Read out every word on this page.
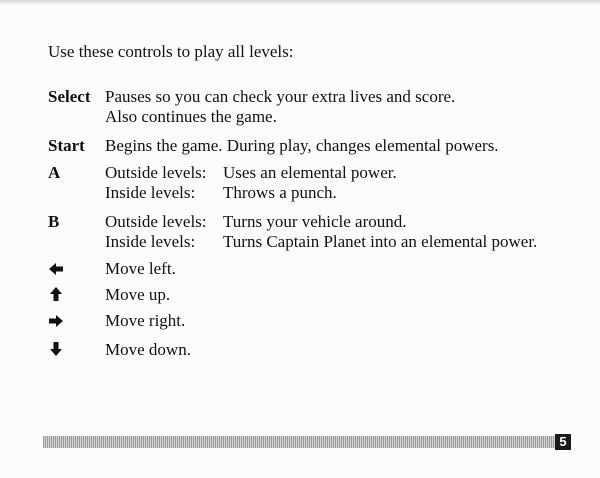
Use these controls to play all levels:
Select Pauses so you can check your extra lives and score.
Also continues the game.
Start Begins the game. During play, changes elemental powers.
A	Outside levels: Uses an elemental power.
Inside levels: Throws a punch.
B	Outside levels: Turns your vehicle around.
Inside levels: Turns Captain Planet into an elemental power.
Move left.
Move up.
Move right.
Move down.
5
